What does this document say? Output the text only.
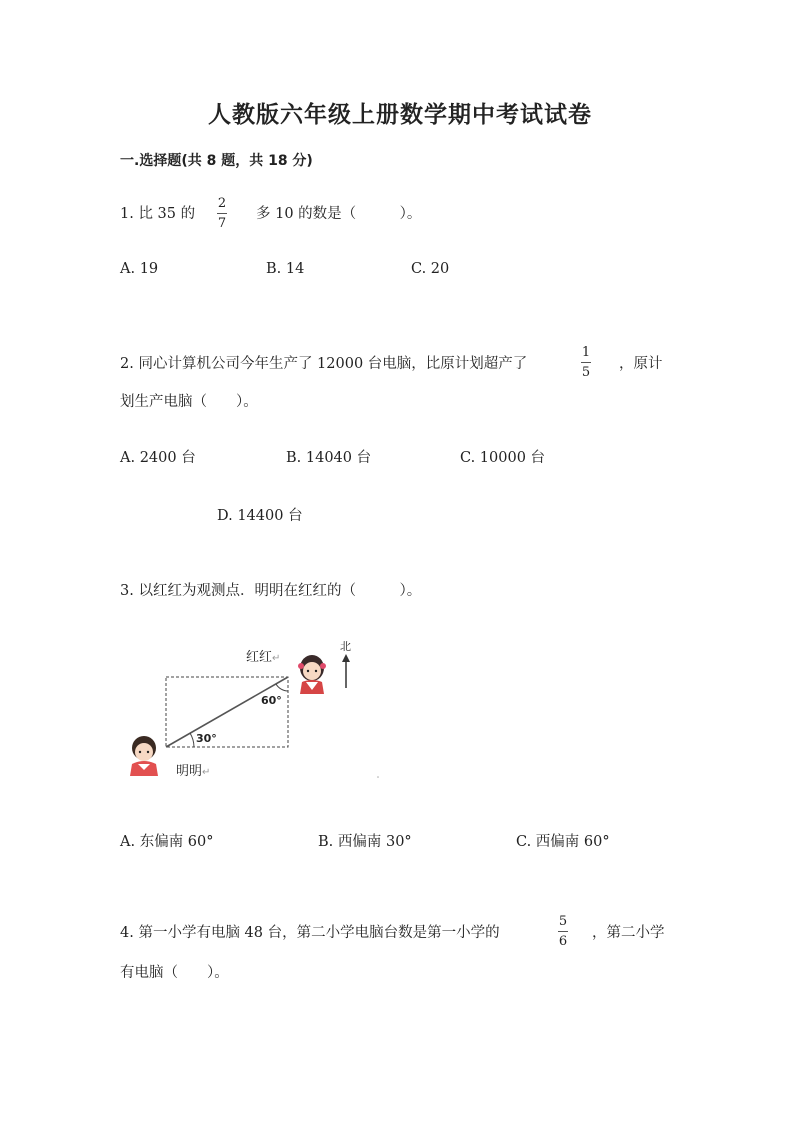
人教版六年级上册数学期中考试试卷
一.选择题(共 8 题，共 18 分)
1. 比 35 的
2
7
多 10 的数是（　　　）。
A. 19	B. 14	C. 20
2. 同心计算机公司今年生产了 12000 台电脑，比原计划超产了
1
5
，原计
划生产电脑（　　）。
A. 2400 台	B. 14040 台	C. 10000 台
D. 14400 台
3. 以红红为观测点．明明在红红的（　　　）。
红红↵
明明↵
60°
30°
北
A. 东偏南 60°	B. 西偏南 30°	C. 西偏南 60°
4. 第一小学有电脑 48 台，第二小学电脑台数是第一小学的
5
6
，第二小学
有电脑（　　）。
